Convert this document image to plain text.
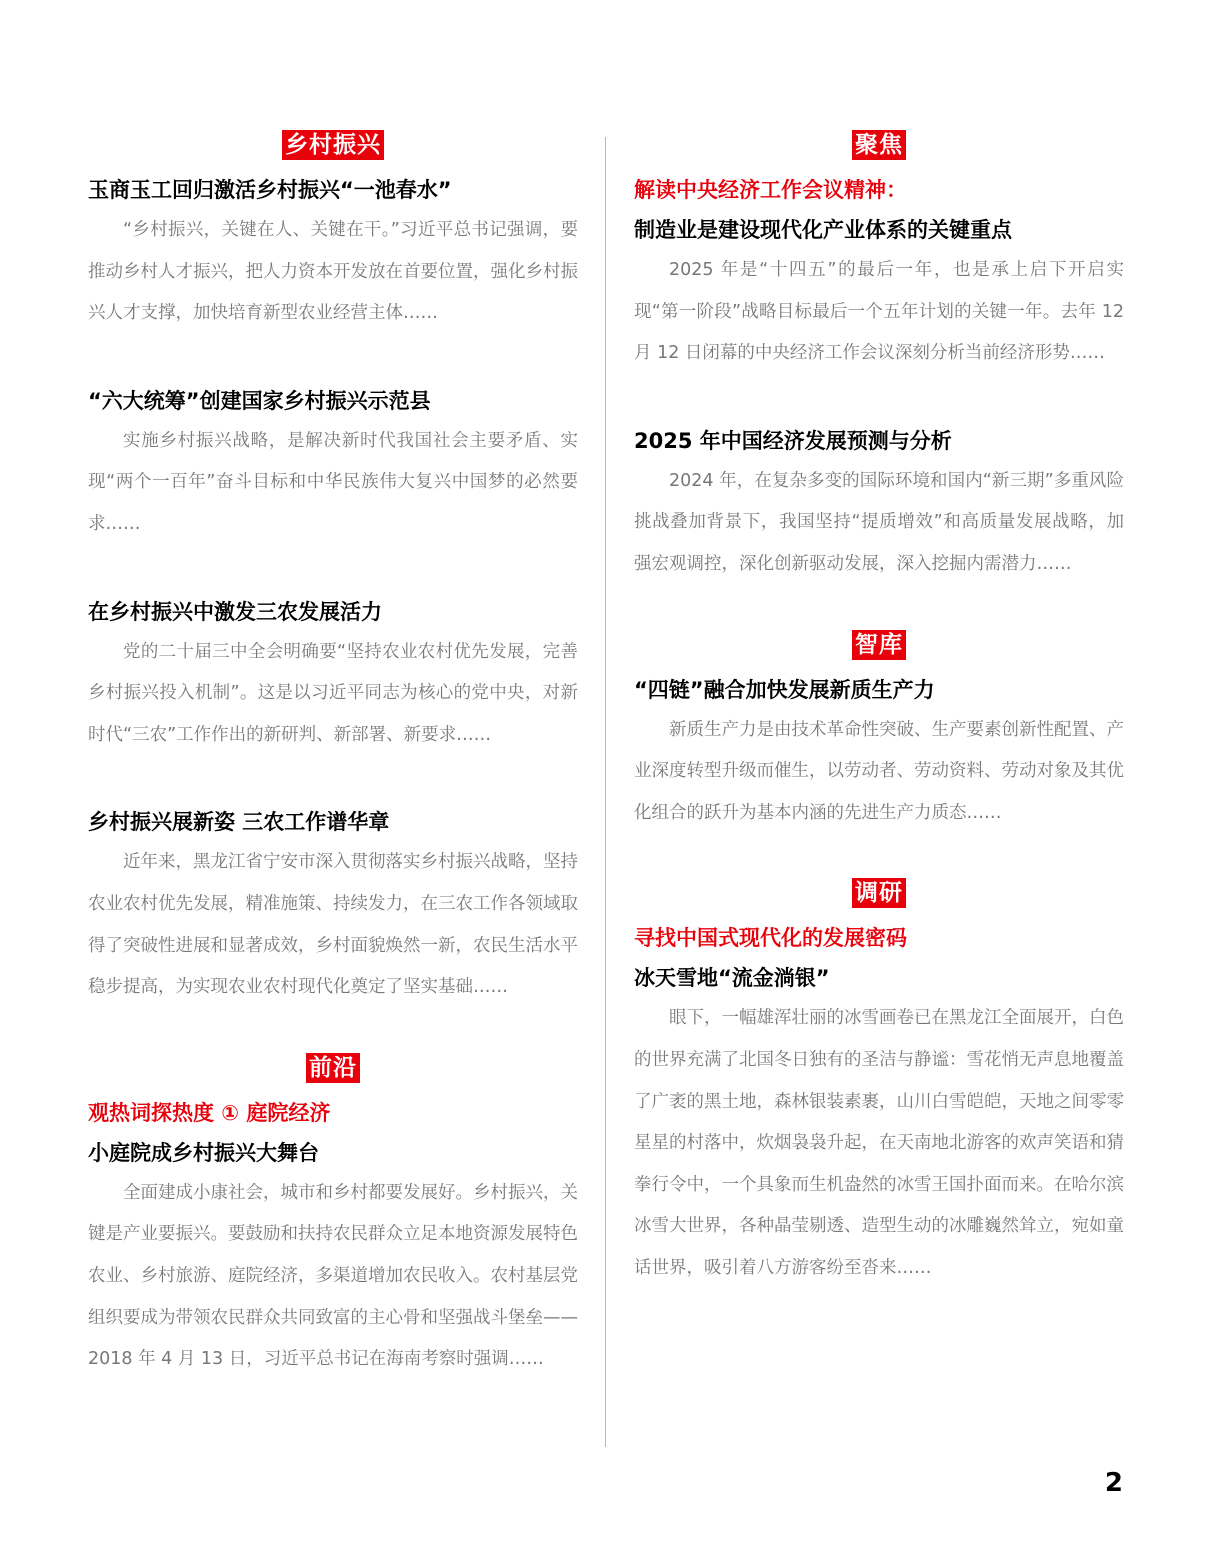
乡村振兴
玉商玉工回归激活乡村振兴“一池春水”

“乡村振兴，关键在人、关键在干。”习近平总书记强调，要推动乡村人才振兴，把人力资本开发放在首要位置，强化乡村振兴人才支撑，加快培育新型农业经营主体……

“六大统筹”创建国家乡村振兴示范县

实施乡村振兴战略，是解决新时代我国社会主要矛盾、实现“两个一百年”奋斗目标和中华民族伟大复兴中国梦的必然要求……

在乡村振兴中激发三农发展活力

党的二十届三中全会明确要“坚持农业农村优先发展，完善乡村振兴投入机制”。这是以习近平同志为核心的党中央，对新时代“三农”工作作出的新研判、新部署、新要求……

乡村振兴展新姿 三农工作谱华章

近年来，黑龙江省宁安市深入贯彻落实乡村振兴战略，坚持农业农村优先发展，精准施策、持续发力，在三农工作各领域取得了突破性进展和显著成效，乡村面貌焕然一新，农民生活水平稳步提高，为实现农业农村现代化奠定了坚实基础……

前沿
观热词探热度 ① 庭院经济
小庭院成乡村振兴大舞台

全面建成小康社会，城市和乡村都要发展好。乡村振兴，关键是产业要振兴。要鼓励和扶持农民群众立足本地资源发展特色农业、乡村旅游、庭院经济，多渠道增加农民收入。农村基层党组织要成为带领农民群众共同致富的主心骨和坚强战斗堡垒——2018 年 4 月 13 日，习近平总书记在海南考察时强调……

聚焦
解读中央经济工作会议精神：
制造业是建设现代化产业体系的关键重点

2025 年是“十四五”的最后一年，也是承上启下开启实现“第一阶段”战略目标最后一个五年计划的关键一年。去年 12 月 12 日闭幕的中央经济工作会议深刻分析当前经济形势……

2025 年中国经济发展预测与分析

2024 年，在复杂多变的国际环境和国内“新三期”多重风险挑战叠加背景下，我国坚持“提质增效”和高质量发展战略，加强宏观调控，深化创新驱动发展，深入挖掘内需潜力……

智库
“四链”融合加快发展新质生产力

新质生产力是由技术革命性突破、生产要素创新性配置、产业深度转型升级而催生，以劳动者、劳动资料、劳动对象及其优化组合的跃升为基本内涵的先进生产力质态……

调研
寻找中国式现代化的发展密码
冰天雪地“流金淌银”

眼下，一幅雄浑壮丽的冰雪画卷已在黑龙江全面展开，白色的世界充满了北国冬日独有的圣洁与静谧：雪花悄无声息地覆盖了广袤的黑土地，森林银装素裹，山川白雪皑皑，天地之间零零星星的村落中，炊烟袅袅升起，在天南地北游客的欢声笑语和猜拳行令中，一个具象而生机盎然的冰雪王国扑面而来。在哈尔滨冰雪大世界，各种晶莹剔透、造型生动的冰雕巍然耸立，宛如童话世界，吸引着八方游客纷至沓来……

2
